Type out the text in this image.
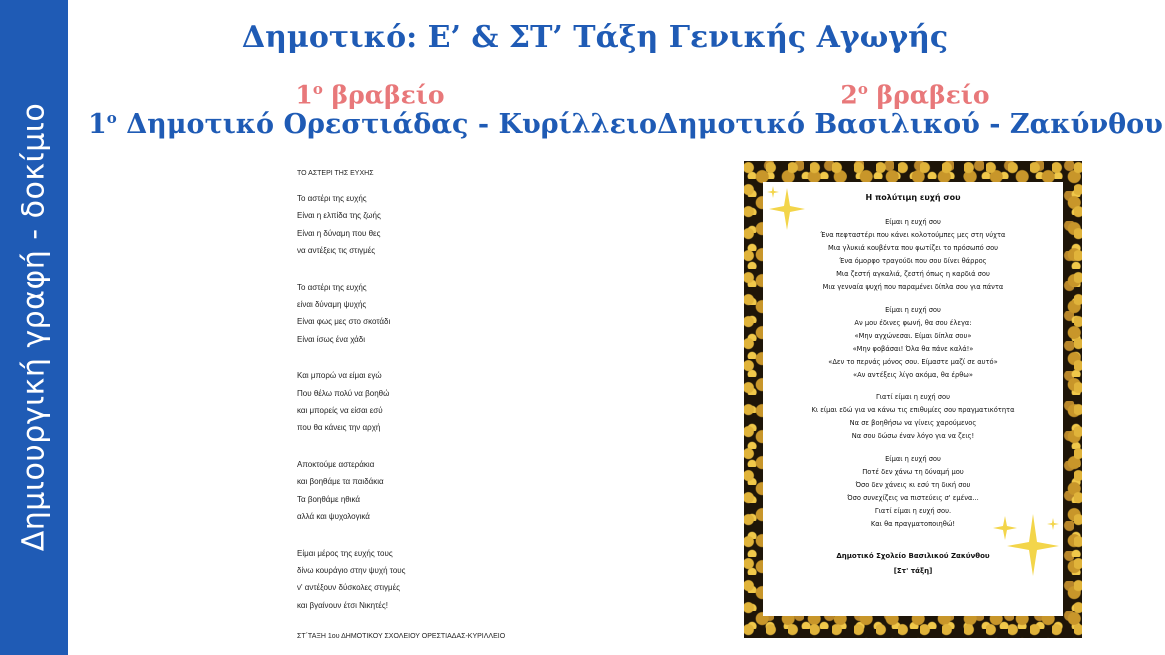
Δημιουργική γραφή - δοκίμιο
Δημοτικό: Ε’ & ΣΤ’ Τάξη Γενικής Αγωγής
$1^o$ βραβείο
$1^o$ Δημοτικό Ορεστιάδας - Κυρίλλειο
$2^o$ βραβείο
Δημοτικό Βασιλικού - Ζακύνθου
ΤΟ ΑΣΤΕΡΙ ΤΗΣ ΕΥΧΗΣ
Το αστέρι της ευχής
Είναι η ελπίδα της ζωής
Είναι η δύναμη που θες
να αντέξεις τις στιγμές
Το αστέρι της ευχής
είναι δύναμη ψυχής
Είναι φως μες στο σκοτάδι
Είναι ίσως ένα χάδι
Και μπορώ να είμαι εγώ
Που θέλω πολύ να βοηθώ
και μπορείς να είσαι εσύ
που θα κάνεις την αρχή
Αποκτούμε αστεράκια
και βοηθάμε τα παιδάκια
Τα βοηθάμε ηθικά
αλλά και ψυχολογικά
Είμαι μέρος της ευχής τους
δίνω κουράγιο στην ψυχή τους
ν' αντέξουν δύσκολες στιγμές
και βγαίνουν έτσι Νικητές!
ΣΤ΄ΤΑΞΗ 1ου ΔΗΜΟΤΙΚΟΥ ΣΧΟΛΕΙΟΥ ΟΡΕΣΤΙΑΔΑΣ-ΚΥΡΙΛΛΕΙΟ
Η πολύτιμη ευχή σου
Είμαι η ευχή σου
Ένα πεφταστέρι που κάνει κολοτούμπες μες στη νύχτα
Μια γλυκιά κουβέντα που φωτίζει το πρόσωπό σου
Ένα όμορφο τραγούδι που σου δίνει θάρρος
Μια ζεστή αγκαλιά, ζεστή όπως η καρδιά σου
Μια γενναία ψυχή που παραμένει δίπλα σου για πάντα
Είμαι η ευχή σου
Αν μου έδινες φωνή, θα σου έλεγα:
«Μην αγχώνεσαι. Είμαι δίπλα σου»
«Μην φοβάσαι! Όλα θα πάνε καλά!»
«Δεν το περνάς μόνος σου. Είμαστε μαζί σε αυτό»
«Αν αντέξεις λίγο ακόμα, θα έρθω»
Γιατί είμαι η ευχή σου
Κι είμαι εδώ για να κάνω τις επιθυμίες σου πραγματικότητα
Να σε βοηθήσω να γίνεις χαρούμενος
Να σου δώσω έναν λόγο για να ζεις!
Είμαι η ευχή σου
Ποτέ δεν χάνω τη δύναμή μου
Όσο δεν χάνεις κι εσύ τη δική σου
Όσο συνεχίζεις να πιστεύεις σ' εμένα...
Γιατί είμαι η ευχή σου.
Και θα πραγματοποιηθώ!
Δημοτικό Σχολείο Βασιλικού Ζακύνθου
[Στ' τάξη]
